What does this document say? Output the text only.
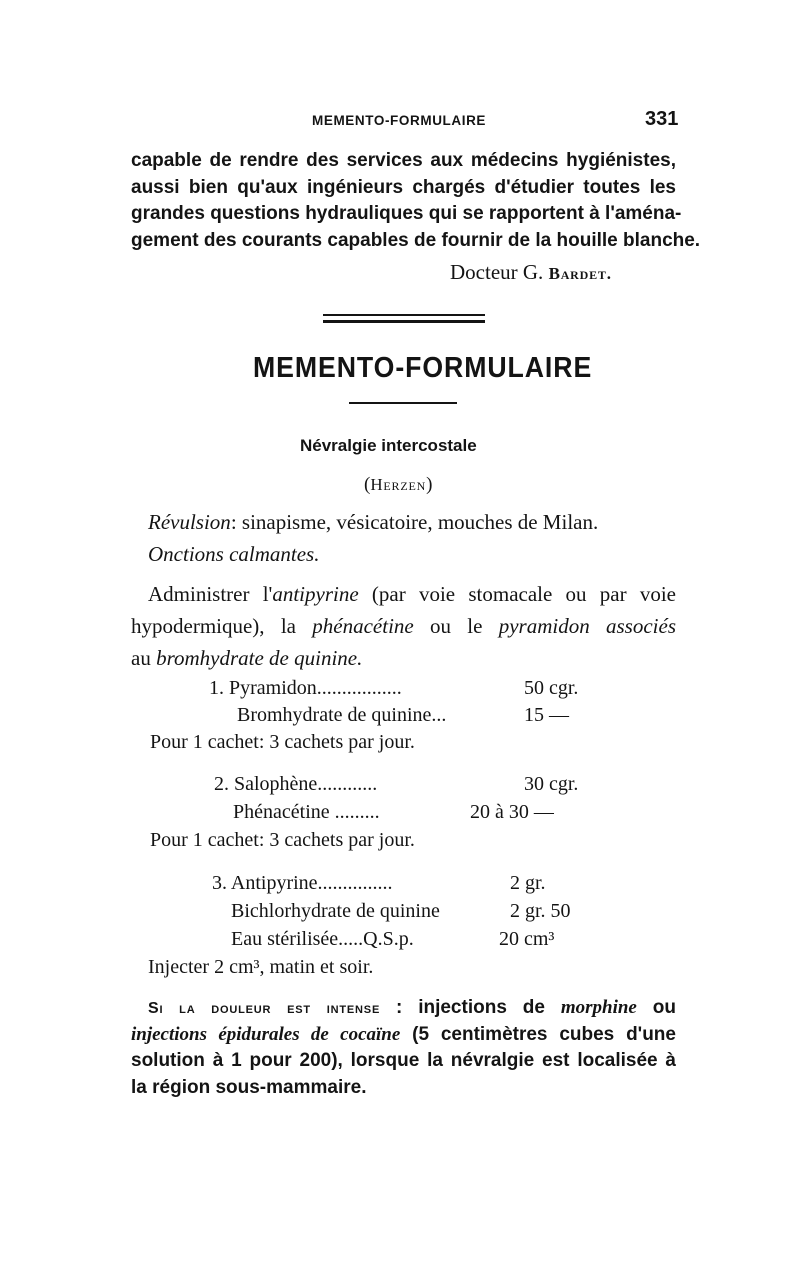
MEMENTO-FORMULAIRE	331
capable de rendre des services aux médecins hygiénistes,
aussi bien qu'aux ingénieurs chargés d'étudier toutes les
grandes questions hydrauliques qui se rapportent à l'aména-
gement des courants capables de fournir de la houille blanche.
Docteur G. Bardet.
MEMENTO-FORMULAIRE
Névralgie intercostale
(Herzen)
Révulsion: sinapisme, vésicatoire, mouches de Milan.
Onctions calmantes.
Administrer l'antipyrine (par voie stomacale ou par voie
hypodermique), la phénacétine ou le pyramidon associés
au bromhydrate de quinine.
1. Pyramidon.................	50 cgr.
Bromhydrate de quinine...	15 —
Pour 1 cachet: 3 cachets par jour.
2. Salophène............	30 cgr.
Phénacétine .........	20 à 30 —
Pour 1 cachet: 3 cachets par jour.
3. Antipyrine...............	2 gr.
Bichlorhydrate de quinine	2 gr. 50
Eau stérilisée.....Q.S.p.	20 cm³
Injecter 2 cm³, matin et soir.
Si la douleur est intense : injections de morphine ou
injections épidurales de cocaïne (5 centimètres cubes d'une
solution à 1 pour 200), lorsque la névralgie est localisée à
la région sous-mammaire.
